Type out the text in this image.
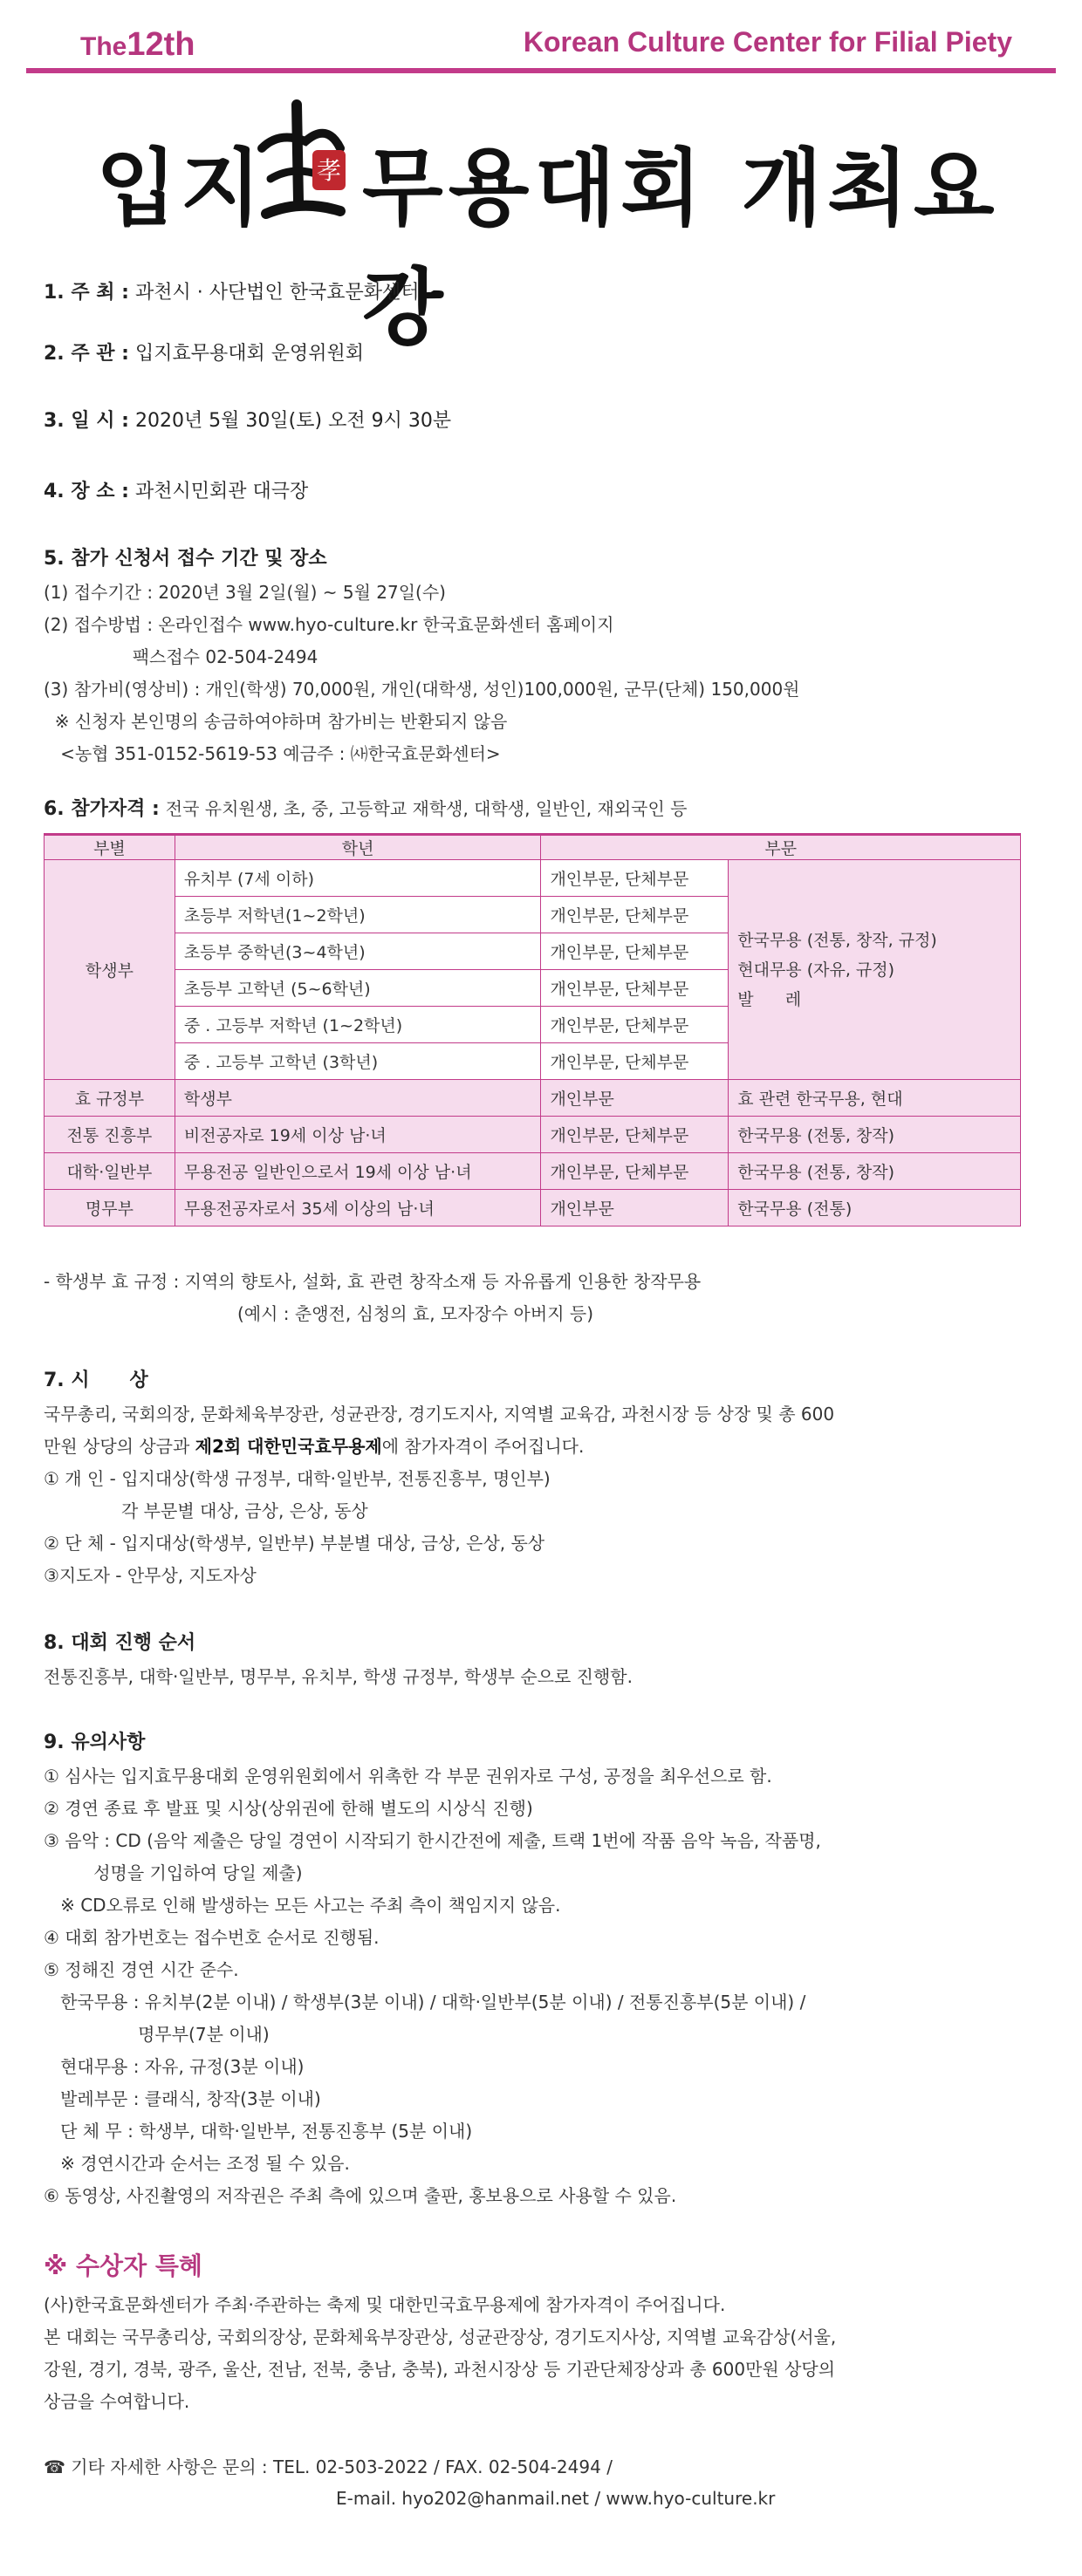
The12th	Korean Culture Center for Filial Piety
입지 孝 무용대회 개최요강
1. 주 최 : 과천시 · 사단법인 한국효문화센터
2. 주 관 : 입지효무용대회 운영위원회
3. 일 시 : 2020년 5월 30일(토) 오전 9시 30분
4. 장 소 : 과천시민회관 대극장
5. 참가 신청서 접수 기간 및 장소
(1) 접수기간 : 2020년 3월 2일(월) ~ 5월 27일(수)
(2) 접수방법 : 온라인접수 www.hyo-culture.kr 한국효문화센터 홈페이지
팩스접수 02-504-2494
(3) 참가비(영상비) : 개인(학생) 70,000원, 개인(대학생, 성인)100,000원, 군무(단체) 150,000원
※ 신청자 본인명의 송금하여야하며 참가비는 반환되지 않음
<농협 351-0152-5619-53 예금주 : ㈔한국효문화센터>
6. 참가자격 : 전국 유치원생, 초, 중, 고등학교 재학생, 대학생, 일반인, 재외국인 등
부별	학년	부문	
학생부	유치부 (7세 이하)	개인부문, 단체부문	한국무용 (전통, 창작, 규정)
현대무용 (자유, 규정)
발      레

	초등부 저학년(1~2학년)	개인부문, 단체부문	
	초등부 중학년(3~4학년)	개인부문, 단체부문	
	초등부 고학년 (5~6학년)	개인부문, 단체부문	
	중 . 고등부 저학년 (1~2학년)	개인부문, 단체부문	
	중 . 고등부 고학년 (3학년)	개인부문, 단체부문	
효 규정부	학생부	개인부문	효 관련 한국무용, 현대
전통 진흥부	비전공자로 19세 이상 남·녀	개인부문, 단체부문	한국무용 (전통, 창작)
대학·일반부	무용전공 일반인으로서 19세 이상 남·녀	개인부문, 단체부문	한국무용 (전통, 창작)
명무부	무용전공자로서 35세 이상의 남·녀	개인부문	한국무용 (전통)
- 학생부 효 규정 : 지역의 향토사, 설화, 효 관련 창작소재 등 자유롭게 인용한 창작무용
(예시 : 춘앵전, 심청의 효, 모자장수 아버지 등)
7. 시      상
국무총리, 국회의장, 문화체육부장관, 성균관장, 경기도지사, 지역별 교육감, 과천시장 등 상장 및 총 600
만원 상당의 상금과 제2회 대한민국효무용제에 참가자격이 주어집니다.
① 개 인 - 입지대상(학생 규정부, 대학·일반부, 전통진흥부, 명인부)
각 부문별 대상, 금상, 은상, 동상
② 단 체 - 입지대상(학생부, 일반부) 부분별 대상, 금상, 은상, 동상
③지도자 - 안무상, 지도자상
8. 대회 진행 순서
전통진흥부, 대학·일반부, 명무부, 유치부, 학생 규정부, 학생부 순으로 진행함.
9. 유의사항
① 심사는 입지효무용대회 운영위원회에서 위촉한 각 부문 권위자로 구성, 공정을 최우선으로 함.
② 경연 종료 후 발표 및 시상(상위권에 한해 별도의 시상식 진행)
③ 음악 : CD (음악 제출은 당일 경연이 시작되기 한시간전에 제출, 트랙 1번에 작품 음악 녹음, 작품명,
성명을 기입하여 당일 제출)
※ CD오류로 인해 발생하는 모든 사고는 주최 측이 책임지지 않음.
④ 대회 참가번호는 접수번호 순서로 진행됨.
⑤ 정해진 경연 시간 준수.
한국무용 : 유치부(2분 이내) / 학생부(3분 이내) / 대학·일반부(5분 이내) / 전통진흥부(5분 이내) /
명무부(7분 이내)
현대무용 : 자유, 규정(3분 이내)
발레부문 : 클래식, 창작(3분 이내)
단 체 무 : 학생부, 대학·일반부, 전통진흥부 (5분 이내)
※ 경연시간과 순서는 조정 될 수 있음.
⑥ 동영상, 사진촬영의 저작권은 주최 측에 있으며 출판, 홍보용으로 사용할 수 있음.
※ 수상자 특혜
(사)한국효문화센터가 주최·주관하는 축제 및 대한민국효무용제에 참가자격이 주어집니다.
본 대회는 국무총리상, 국회의장상, 문화체육부장관상, 성균관장상, 경기도지사상, 지역별 교육감상(서울,
강원, 경기, 경북, 광주, 울산, 전남, 전북, 충남, 충북), 과천시장상 등 기관단체장상과 총 600만원 상당의
상금을 수여합니다.
☎ 기타 자세한 사항은 문의 : TEL. 02-503-2022 / FAX. 02-504-2494 /
E-mail. hyo202@hanmail.net / www.hyo-culture.kr
